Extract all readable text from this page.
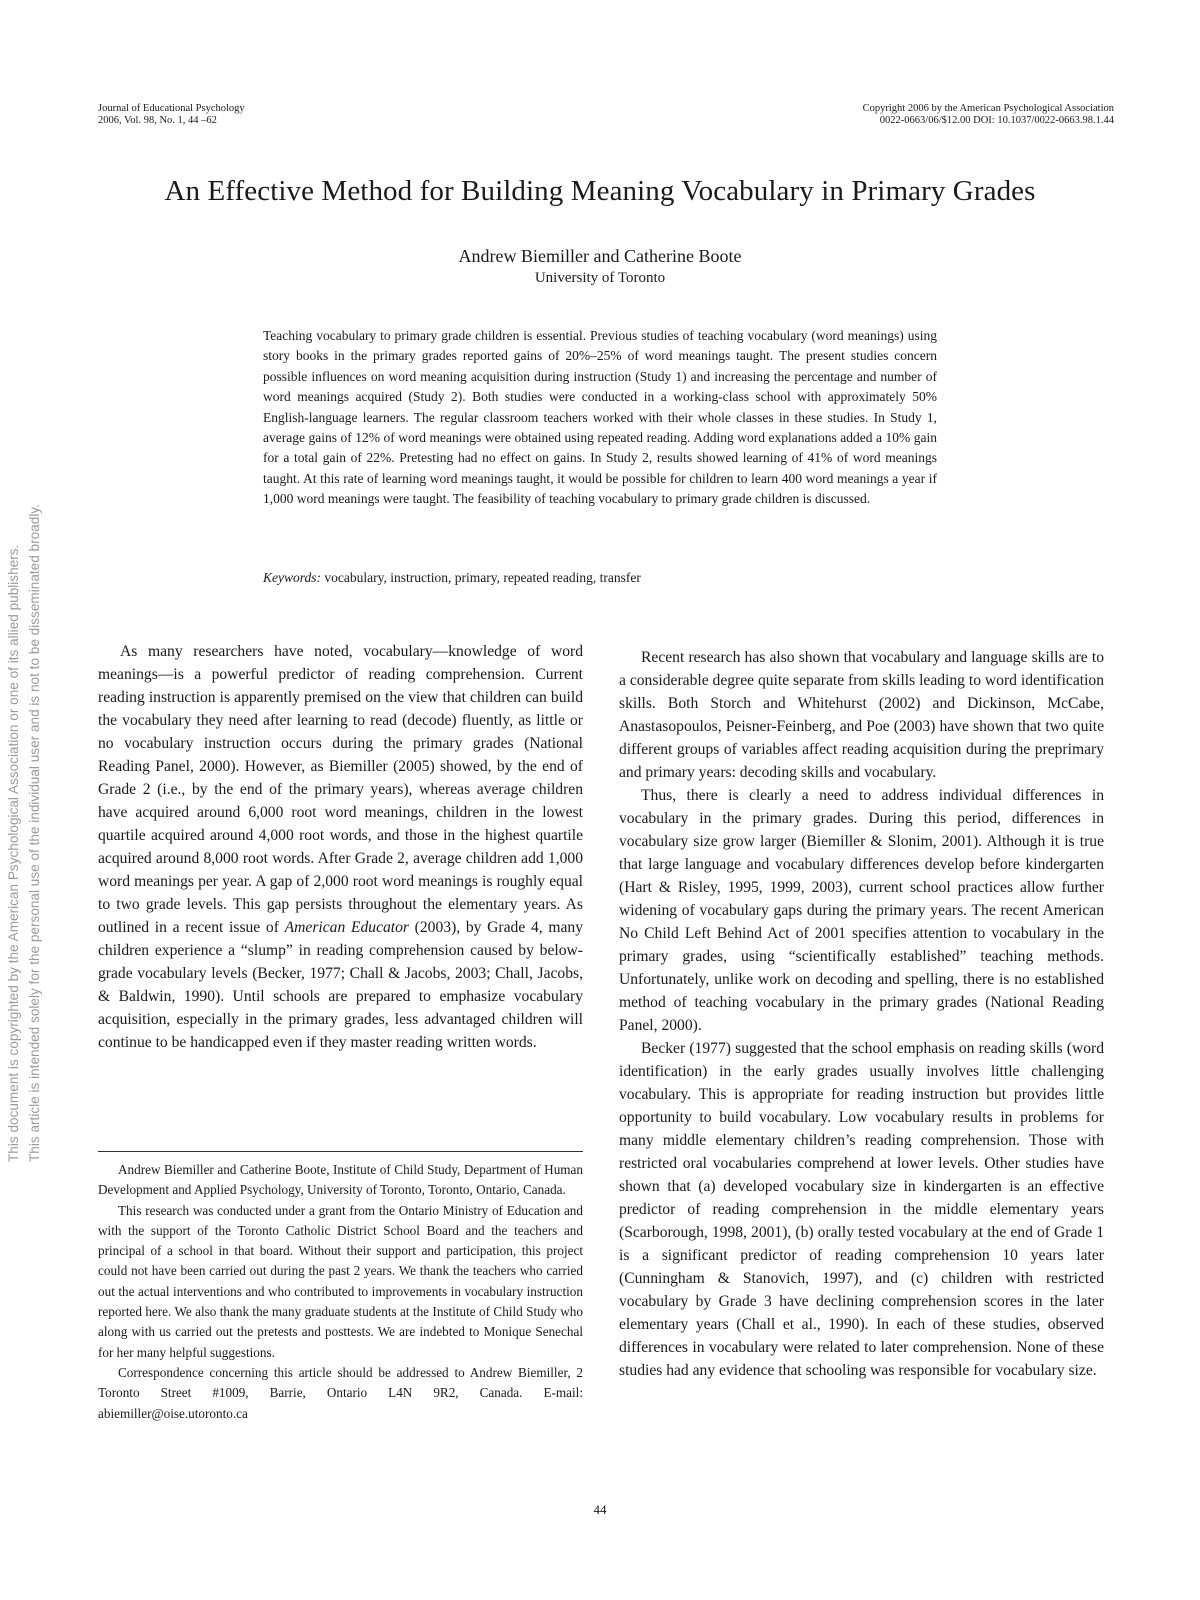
Journal of Educational Psychology
2006, Vol. 98, No. 1, 44 –62
Copyright 2006 by the American Psychological Association
0022-0663/06/$12.00 DOI: 10.1037/0022-0663.98.1.44
This document is copyrighted by the American Psychological Association or one of its allied publishers. This article is intended solely for the personal use of the individual user and is not to be disseminated broadly.
An Effective Method for Building Meaning Vocabulary in Primary Grades
Andrew Biemiller and Catherine Boote
University of Toronto
Teaching vocabulary to primary grade children is essential. Previous studies of teaching vocabulary (word meanings) using story books in the primary grades reported gains of 20%–25% of word meanings taught. The present studies concern possible influences on word meaning acquisition during instruction (Study 1) and increasing the percentage and number of word meanings acquired (Study 2). Both studies were conducted in a working-class school with approximately 50% English-language learners. The regular classroom teachers worked with their whole classes in these studies. In Study 1, average gains of 12% of word meanings were obtained using repeated reading. Adding word explanations added a 10% gain for a total gain of 22%. Pretesting had no effect on gains. In Study 2, results showed learning of 41% of word meanings taught. At this rate of learning word meanings taught, it would be possible for children to learn 400 word meanings a year if 1,000 word meanings were taught. The feasibility of teaching vocabulary to primary grade children is discussed.
Keywords: vocabulary, instruction, primary, repeated reading, transfer

As many researchers have noted, vocabulary—knowledge of word meanings—is a powerful predictor of reading comprehension. Current reading instruction is apparently premised on the view that children can build the vocabulary they need after learning to read (decode) fluently, as little or no vocabulary instruction occurs during the primary grades (National Reading Panel, 2000). However, as Biemiller (2005) showed, by the end of Grade 2 (i.e., by the end of the primary years), whereas average children have acquired around 6,000 root word meanings, children in the lowest quartile acquired around 4,000 root words, and those in the highest quartile acquired around 8,000 root words. After Grade 2, average children add 1,000 word meanings per year. A gap of 2,000 root word meanings is roughly equal to two grade levels. This gap persists throughout the elementary years. As outlined in a recent issue of American Educator (2003), by Grade 4, many children experience a “slump” in reading comprehension caused by below-grade vocabulary levels (Becker, 1977; Chall & Jacobs, 2003; Chall, Jacobs, & Baldwin, 1990). Until schools are prepared to emphasize vocabulary acquisition, especially in the primary grades, less advantaged children will continue to be handicapped even if they master reading written words.

Andrew Biemiller and Catherine Boote, Institute of Child Study, Department of Human Development and Applied Psychology, University of Toronto, Toronto, Ontario, Canada.

This research was conducted under a grant from the Ontario Ministry of Education and with the support of the Toronto Catholic District School Board and the teachers and principal of a school in that board. Without their support and participation, this project could not have been carried out during the past 2 years. We thank the teachers who carried out the actual interventions and who contributed to improvements in vocabulary instruction reported here. We also thank the many graduate students at the Institute of Child Study who along with us carried out the pretests and posttests. We are indebted to Monique Senechal for her many helpful suggestions.

Correspondence concerning this article should be addressed to Andrew Biemiller, 2 Toronto Street #1009, Barrie, Ontario L4N 9R2, Canada. E-mail: abiemiller@oise.utoronto.ca

Recent research has also shown that vocabulary and language skills are to a considerable degree quite separate from skills leading to word identification skills. Both Storch and Whitehurst (2002) and Dickinson, McCabe, Anastasopoulos, Peisner-Feinberg, and Poe (2003) have shown that two quite different groups of variables affect reading acquisition during the preprimary and primary years: decoding skills and vocabulary.

Thus, there is clearly a need to address individual differences in vocabulary in the primary grades. During this period, differences in vocabulary size grow larger (Biemiller & Slonim, 2001). Although it is true that large language and vocabulary differences develop before kindergarten (Hart & Risley, 1995, 1999, 2003), current school practices allow further widening of vocabulary gaps during the primary years. The recent American No Child Left Behind Act of 2001 specifies attention to vocabulary in the primary grades, using “scientifically established” teaching methods. Unfortunately, unlike work on decoding and spelling, there is no established method of teaching vocabulary in the primary grades (National Reading Panel, 2000).

Becker (1977) suggested that the school emphasis on reading skills (word identification) in the early grades usually involves little challenging vocabulary. This is appropriate for reading instruction but provides little opportunity to build vocabulary. Low vocabulary results in problems for many middle elementary children’s reading comprehension. Those with restricted oral vocabularies comprehend at lower levels. Other studies have shown that (a) developed vocabulary size in kindergarten is an effective predictor of reading comprehension in the middle elementary years (Scarborough, 1998, 2001), (b) orally tested vocabulary at the end of Grade 1 is a significant predictor of reading comprehension 10 years later (Cunningham & Stanovich, 1997), and (c) children with restricted vocabulary by Grade 3 have declining comprehension scores in the later elementary years (Chall et al., 1990). In each of these studies, observed differences in vocabulary were related to later comprehension. None of these studies had any evidence that schooling was responsible for vocabulary size.

44
